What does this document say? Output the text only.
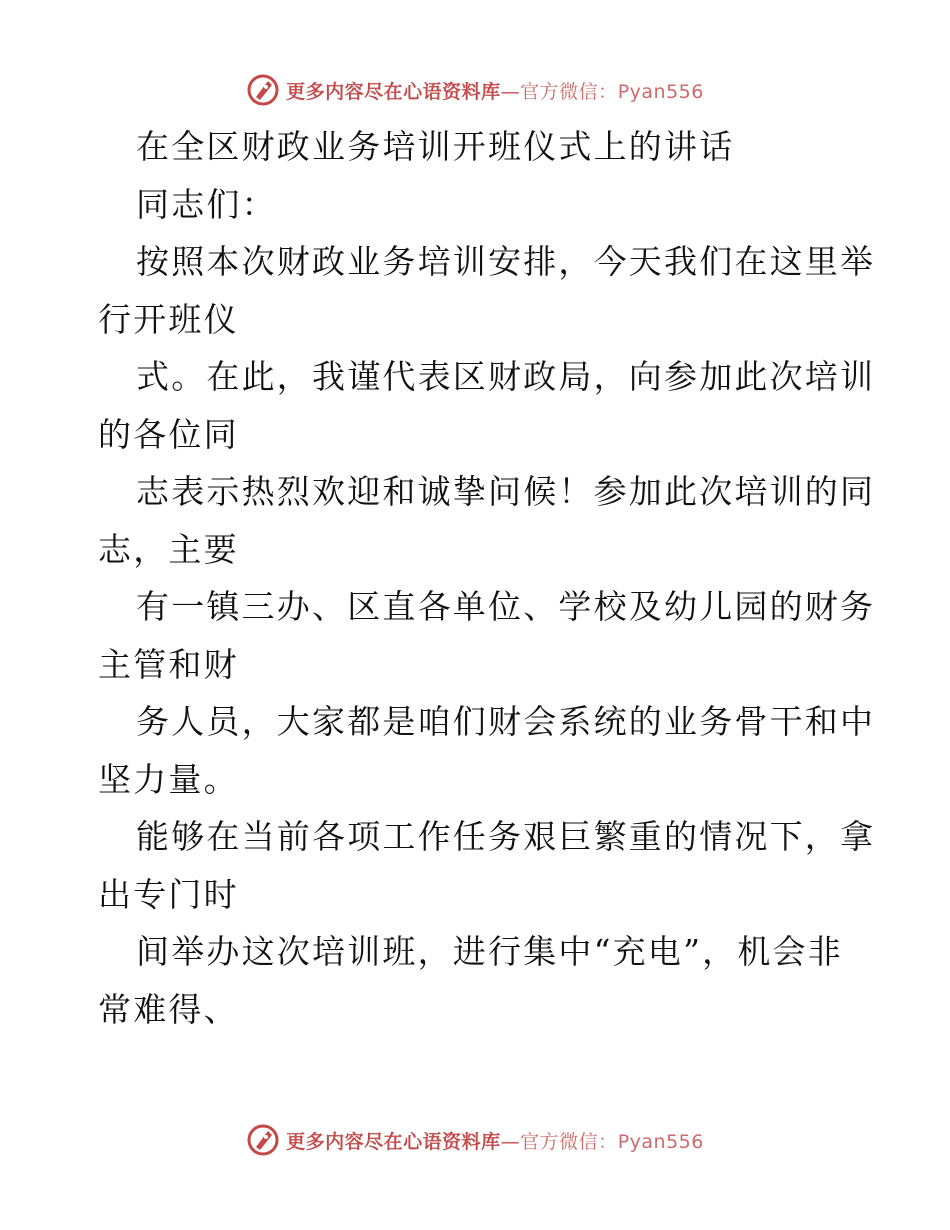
更多内容尽在心语资料库—官方微信：Pyan556
在全区财政业务培训开班仪式上的讲话
同志们：
按照本次财政业务培训安排，今天我们在这里举
行开班仪
式。在此，我谨代表区财政局，向参加此次培训
的各位同
志表示热烈欢迎和诚挚问候！参加此次培训的同
志，主要
有一镇三办、区直各单位、学校及幼儿园的财务
主管和财
务人员，大家都是咱们财会系统的业务骨干和中
坚力量。
能够在当前各项工作任务艰巨繁重的情况下，拿
出专门时
间举办这次培训班，进行集中“充电”，机会非
常难得、
更多内容尽在心语资料库—官方微信：Pyan556
